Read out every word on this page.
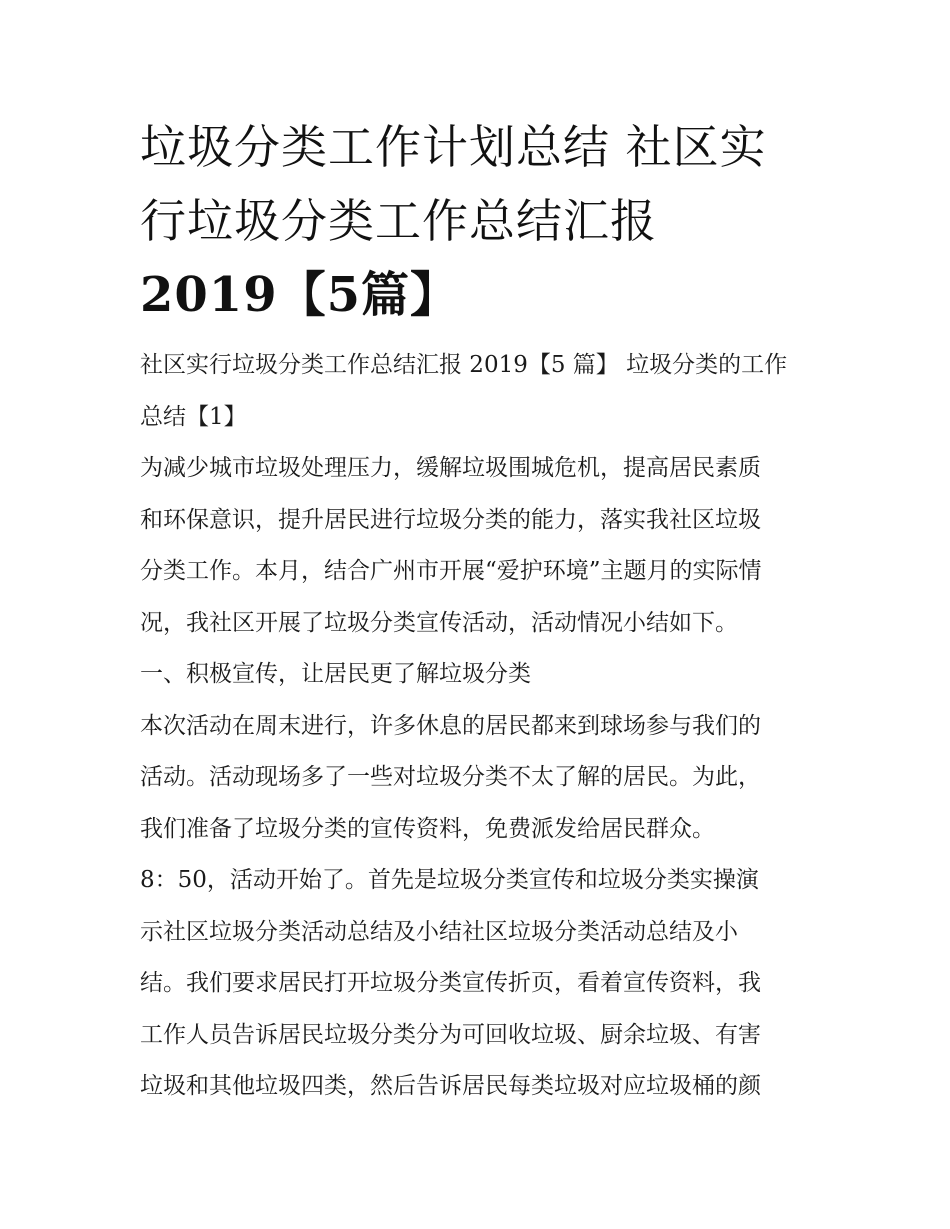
垃圾分类工作计划总结 社区实
行垃圾分类工作总结汇报
2019【5篇】
社区实行垃圾分类工作总结汇报 2019【5 篇】 垃圾分类的工作
总结【1】
为减少城市垃圾处理压力，缓解垃圾围城危机，提高居民素质
和环保意识，提升居民进行垃圾分类的能力，落实我社区垃圾
分类工作。本月，结合广州市开展“爱护环境”主题月的实际情
况，我社区开展了垃圾分类宣传活动，活动情况小结如下。
一、积极宣传，让居民更了解垃圾分类
本次活动在周末进行，许多休息的居民都来到球场参与我们的
活动。活动现场多了一些对垃圾分类不太了解的居民。为此，
我们准备了垃圾分类的宣传资料，免费派发给居民群众。
8：50，活动开始了。首先是垃圾分类宣传和垃圾分类实操演
示社区垃圾分类活动总结及小结社区垃圾分类活动总结及小
结。我们要求居民打开垃圾分类宣传折页，看着宣传资料，我
工作人员告诉居民垃圾分类分为可回收垃圾、厨余垃圾、有害
垃圾和其他垃圾四类，然后告诉居民每类垃圾对应垃圾桶的颜
